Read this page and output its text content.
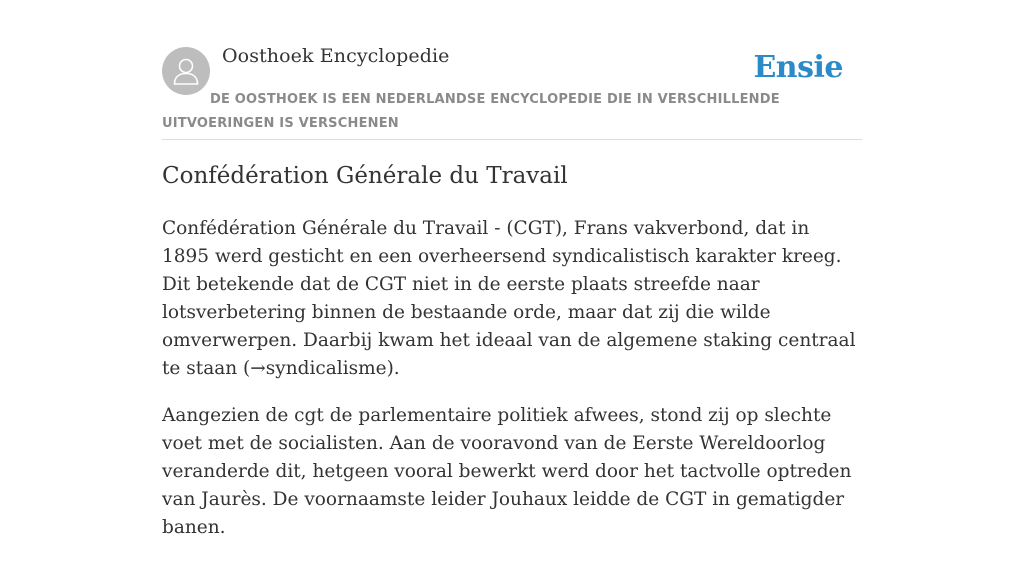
Oosthoek Encyclopedie	Ensie
DE OOSTHOEK IS EEN NEDERLANDSE ENCYCLOPEDIE DIE IN VERSCHILLENDE UITVOERINGEN IS VERSCHENEN
Confédération Générale du Travail

Confédération Générale du Travail - (CGT), Frans vakverbond, dat in 1895 werd gesticht en een overheersend syndicalistisch karakter kreeg. Dit betekende dat de CGT niet in de eerste plaats streefde naar lotsverbetering binnen de bestaande orde, maar dat zij die wilde omverwerpen. Daarbij kwam het ideaal van de algemene staking centraal te staan (→syndicalisme).

Aangezien de cgt de parlementaire politiek afwees, stond zij op slechte voet met de socialisten. Aan de vooravond van de Eerste Wereldoorlog veranderde dit, hetgeen vooral bewerkt werd door het tactvolle optreden van Jaurès. De voornaamste leider Jouhaux leidde de CGT in gematigder banen.
